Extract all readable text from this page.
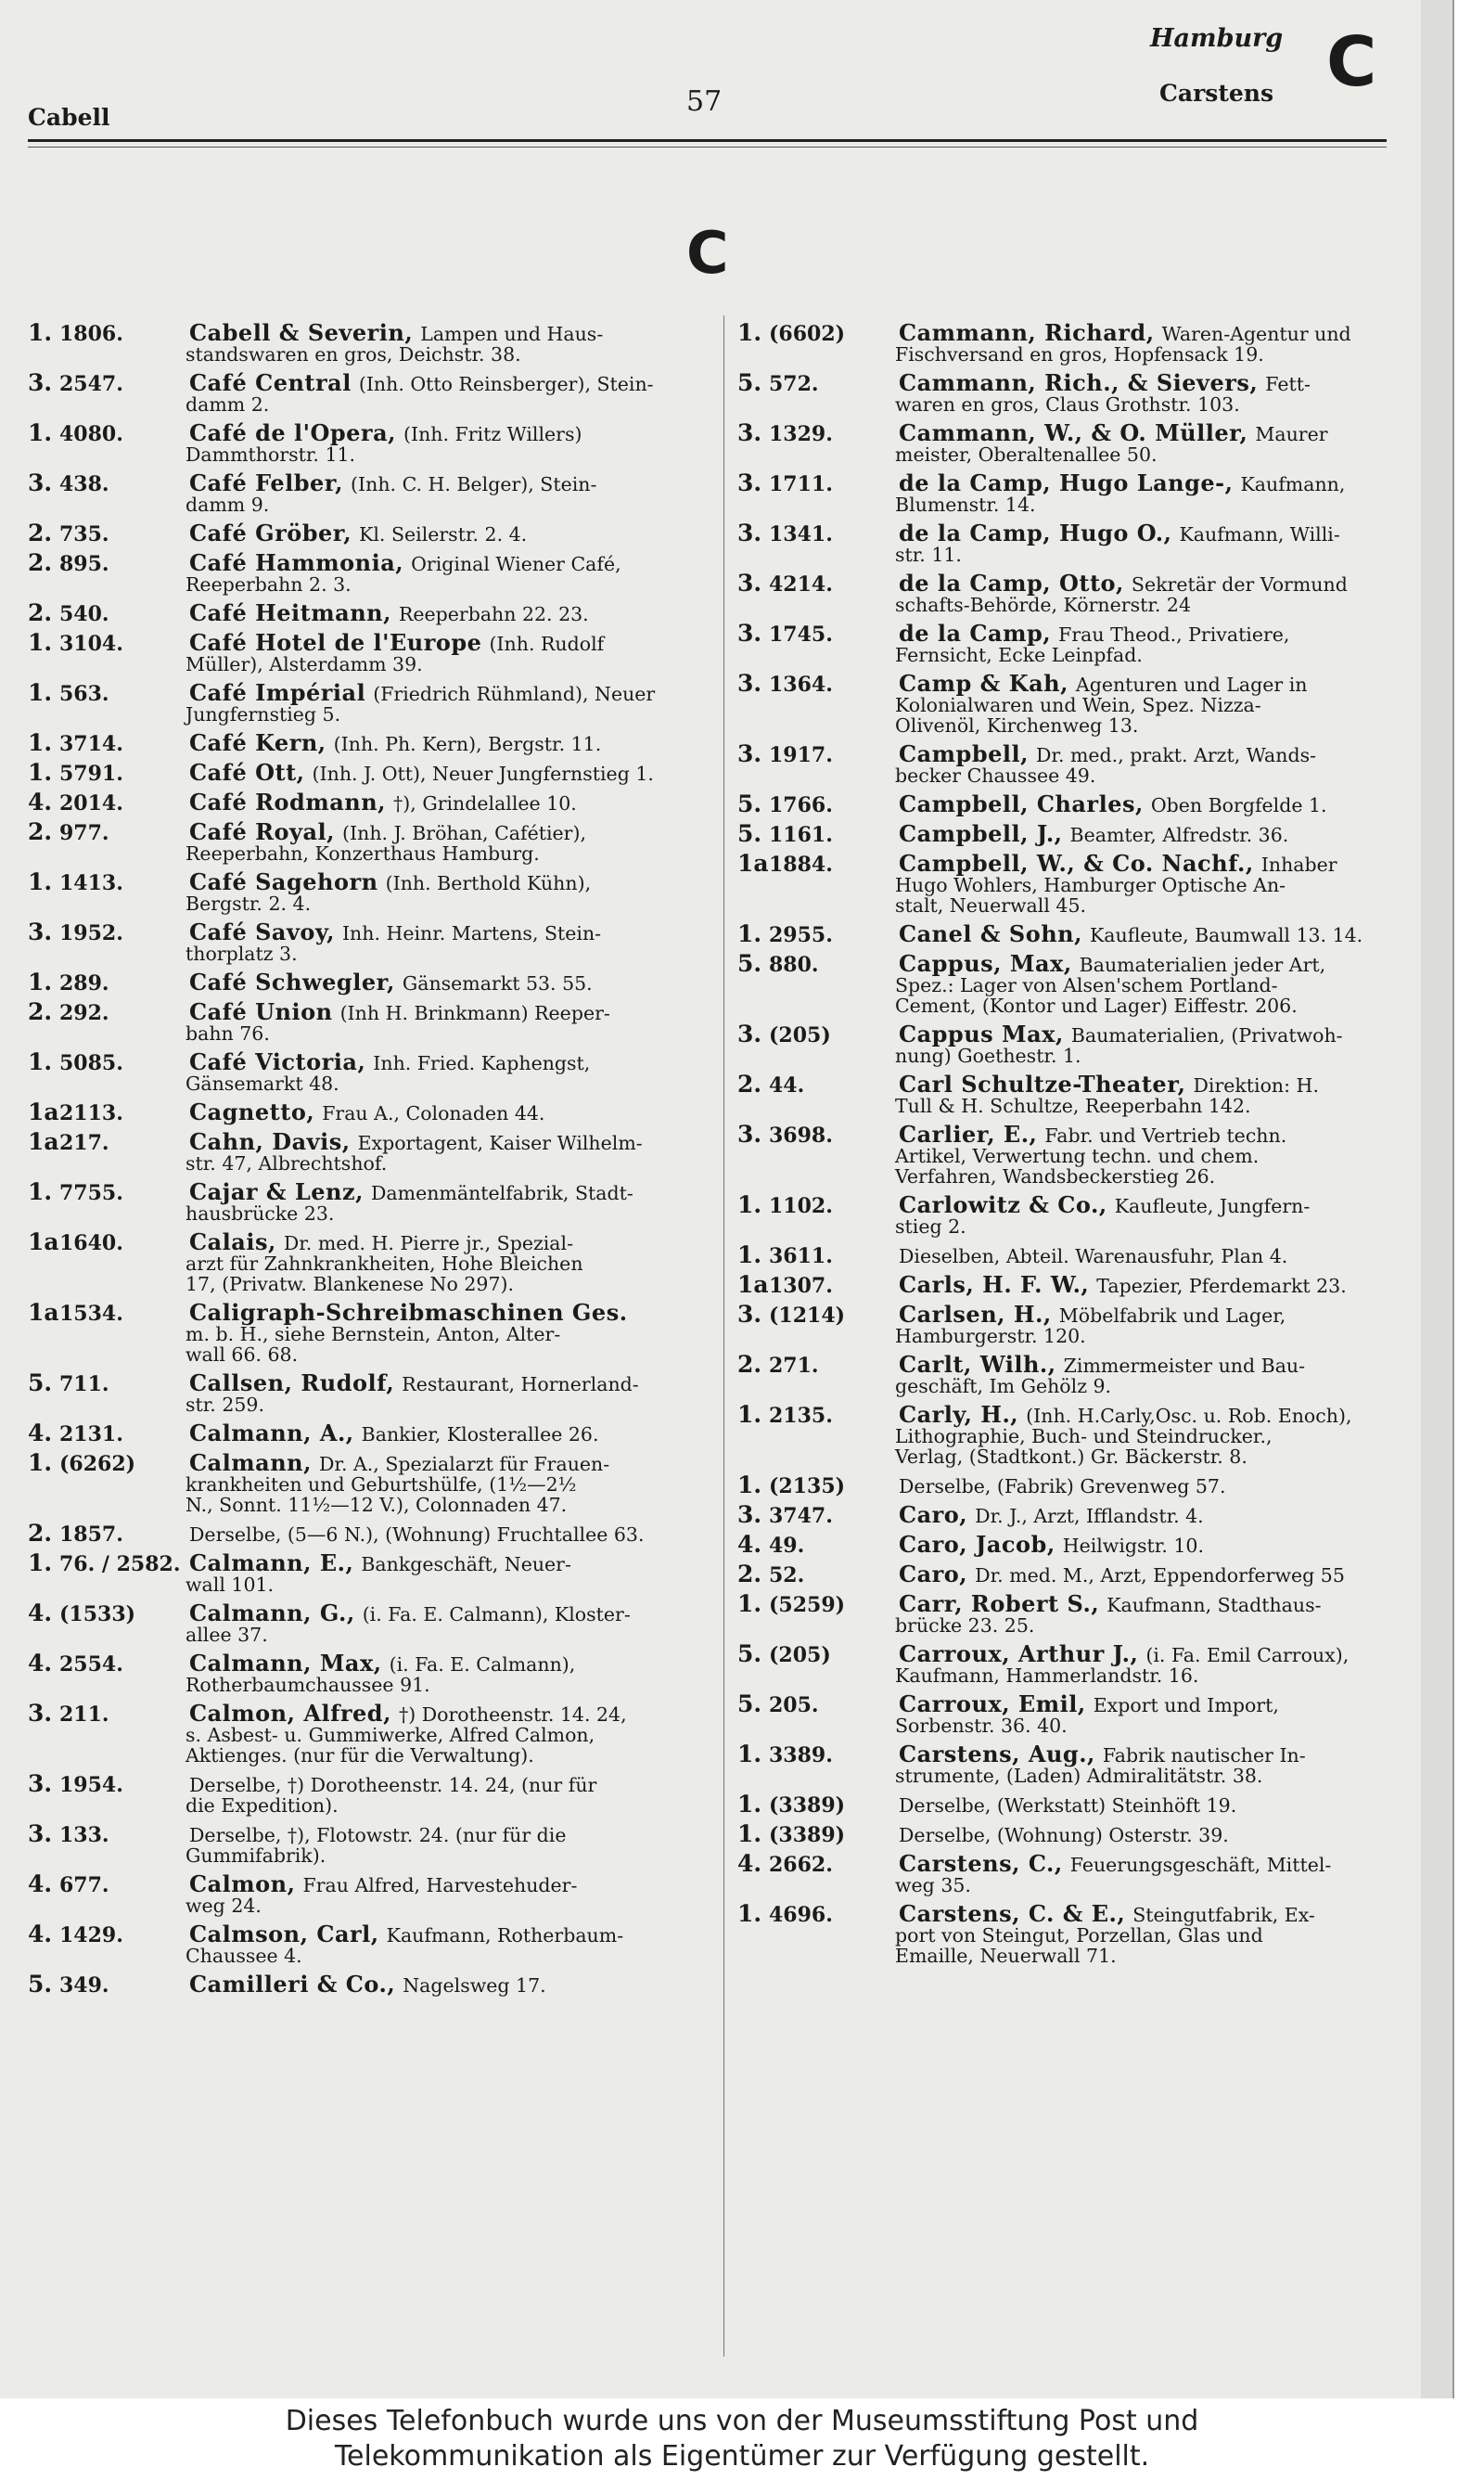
Cabell	57
Hamburg
Carstens C
C
1. 1806.	Cabell & Severin, Lampen und Haus-
standswaren en gros, Deichstr. 38.
3. 2547.	Café Central (Inh. Otto Reinsberger), Stein-
damm 2.
1. 4080.	Café de l'Opera, (Inh. Fritz Willers)
Dammthorstr. 11.
3. 438.	Café Felber, (Inh. C. H. Belger), Stein-
damm 9.
2. 735.	Café Gröber, Kl. Seilerstr. 2. 4.
2. 895.	Café Hammonia, Original Wiener Café,
Reeperbahn 2. 3.
2. 540.	Café Heitmann, Reeperbahn 22. 23.
1. 3104.	Café Hotel de l'Europe (Inh. Rudolf
Müller), Alsterdamm 39.
1. 563.	Café Impérial (Friedrich Rühmland), Neuer
Jungfernstieg 5.
1. 3714.	Café Kern, (Inh. Ph. Kern), Bergstr. 11.
1. 5791.	Café Ott, (Inh. J. Ott), Neuer Jungfernstieg 1.
4. 2014.	Café Rodmann, †), Grindelallee 10.
2. 977.	Café Royal, (Inh. J. Bröhan, Cafétier),
Reeperbahn, Konzerthaus Hamburg.
1. 1413.	Café Sagehorn (Inh. Berthold Kühn),
Bergstr. 2. 4.
3. 1952.	Café Savoy, Inh. Heinr. Martens, Stein-
thorplatz 3.
1. 289.	Café Schwegler, Gänsemarkt 53. 55.
2. 292.	Café Union (Inh H. Brinkmann) Reeper-
bahn 76.
1. 5085.	Café Victoria, Inh. Fried. Kaphengst,
Gänsemarkt 48.
1a 2113.	Cagnetto, Frau A., Colonaden 44.
1a 217.	Cahn, Davis, Exportagent, Kaiser Wilhelm-
str. 47, Albrechtshof.
1. 7755.	Cajar & Lenz, Damenmäntelfabrik, Stadt-
hausbrücke 23.
1a 1640.	Calais, Dr. med. H. Pierre jr., Spezial-
arzt für Zahnkrankheiten, Hohe Bleichen
17, (Privatw. Blankenese No 297).
1a 1534.	Caligraph-Schreibmaschinen Ges.
m. b. H., siehe Bernstein, Anton, Alter-
wall 66. 68.
5. 711.	Callsen, Rudolf, Restaurant, Hornerland-
str. 259.
4. 2131.	Calmann, A., Bankier, Klosterallee 26.
1. (6262)	Calmann, Dr. A., Spezialarzt für Frauen-
krankheiten und Geburtshülfe, (1½—2½
N., Sonnt. 11½—12 V.), Colonnaden 47.
2. 1857.	Derselbe, (5—6 N.), (Wohnung) Fruchtallee 63.
1. 76. / 2582. Calmann, E., Bankgeschäft, Neuer-
wall 101.
4. (1533)	Calmann, G., (i. Fa. E. Calmann), Kloster-
allee 37.
4. 2554.	Calmann, Max, (i. Fa. E. Calmann),
Rotherbaumchaussee 91.
3. 211.	Calmon, Alfred, †) Dorotheenstr. 14. 24,
s. Asbest- u. Gummiwerke, Alfred Calmon,
Aktienges. (nur für die Verwaltung).
3. 1954.	Derselbe, †) Dorotheenstr. 14. 24, (nur für
die Expedition).
3. 133.	Derselbe, †), Flotowstr. 24. (nur für die
Gummifabrik).
4. 677.	Calmon, Frau Alfred, Harvestehuder-
weg 24.
4. 1429.	Calmson, Carl, Kaufmann, Rotherbaum-
Chaussee 4.
5. 349.	Camilleri & Co., Nagelsweg 17.
1. (6602)	Cammann, Richard, Waren-Agentur und
Fischversand en gros, Hopfensack 19.
5. 572.	Cammann, Rich., & Sievers, Fett-
waren en gros, Claus Grothstr. 103.
3. 1329.	Cammann, W., & O. Müller, Maurer
meister, Oberaltenallee 50.
3. 1711.	de la Camp, Hugo Lange-, Kaufmann,
Blumenstr. 14.
3. 1341.	de la Camp, Hugo O., Kaufmann, Willi-
str. 11.
3. 4214.	de la Camp, Otto, Sekretär der Vormund
schafts-Behörde, Körnerstr. 24
3. 1745.	de la Camp, Frau Theod., Privatiere,
Fernsicht, Ecke Leinpfad.
3. 1364.	Camp & Kah, Agenturen und Lager in
Kolonialwaren und Wein, Spez. Nizza-
Olivenöl, Kirchenweg 13.
3. 1917.	Campbell, Dr. med., prakt. Arzt, Wands-
becker Chaussee 49.
5. 1766.	Campbell, Charles, Oben Borgfelde 1.
5. 1161.	Campbell, J., Beamter, Alfredstr. 36.
1a 1884.	Campbell, W., & Co. Nachf., Inhaber
Hugo Wohlers, Hamburger Optische An-
stalt, Neuerwall 45.
1. 2955.	Canel & Sohn, Kaufleute, Baumwall 13. 14.
5. 880.	Cappus, Max, Baumaterialien jeder Art,
Spez.: Lager von Alsen'schem Portland-
Cement, (Kontor und Lager) Eiffestr. 206.
3. (205)	Cappus Max, Baumaterialien, (Privatwoh-
nung) Goethestr. 1.
2. 44.	Carl Schultze-Theater, Direktion: H.
Tull & H. Schultze, Reeperbahn 142.
3. 3698.	Carlier, E., Fabr. und Vertrieb techn.
Artikel, Verwertung techn. und chem.
Verfahren, Wandsbeckerstieg 26.
1. 1102.	Carlowitz & Co., Kaufleute, Jungfern-
stieg 2.
1. 3611.	Dieselben, Abteil. Warenausfuhr, Plan 4.
1a 1307.	Carls, H. F. W., Tapezier, Pferdemarkt 23.
3. (1214)	Carlsen, H., Möbelfabrik und Lager,
Hamburgerstr. 120.
2. 271.	Carlt, Wilh., Zimmermeister und Bau-
geschäft, Im Gehölz 9.
1. 2135.	Carly, H., (Inh. H.Carly,Osc. u. Rob. Enoch),
Lithographie, Buch- und Steindrucker.,
Verlag, (Stadtkont.) Gr. Bäckerstr. 8.
1. (2135)	Derselbe, (Fabrik) Grevenweg 57.
3. 3747.	Caro, Dr. J., Arzt, Ifflandstr. 4.
4. 49.	Caro, Jacob, Heilwigstr. 10.
2. 52.	Caro, Dr. med. M., Arzt, Eppendorferweg 55
1. (5259)	Carr, Robert S., Kaufmann, Stadthaus-
brücke 23. 25.
5. (205)	Carroux, Arthur J., (i. Fa. Emil Carroux),
Kaufmann, Hammerlandstr. 16.
5. 205.	Carroux, Emil, Export und Import,
Sorbenstr. 36. 40.
1. 3389.	Carstens, Aug., Fabrik nautischer In-
strumente, (Laden) Admiralitätstr. 38.
1. (3389)	Derselbe, (Werkstatt) Steinhöft 19.
1. (3389)	Derselbe, (Wohnung) Osterstr. 39.
4. 2662.	Carstens, C., Feuerungsgeschäft, Mittel-
weg 35.
1. 4696.	Carstens, C. & E., Steingutfabrik, Ex-
port von Steingut, Porzellan, Glas und
Emaille, Neuerwall 71.
Dieses Telefonbuch wurde uns von der Museumsstiftung Post und
Telekommunikation als Eigentümer zur Verfügung gestellt.
